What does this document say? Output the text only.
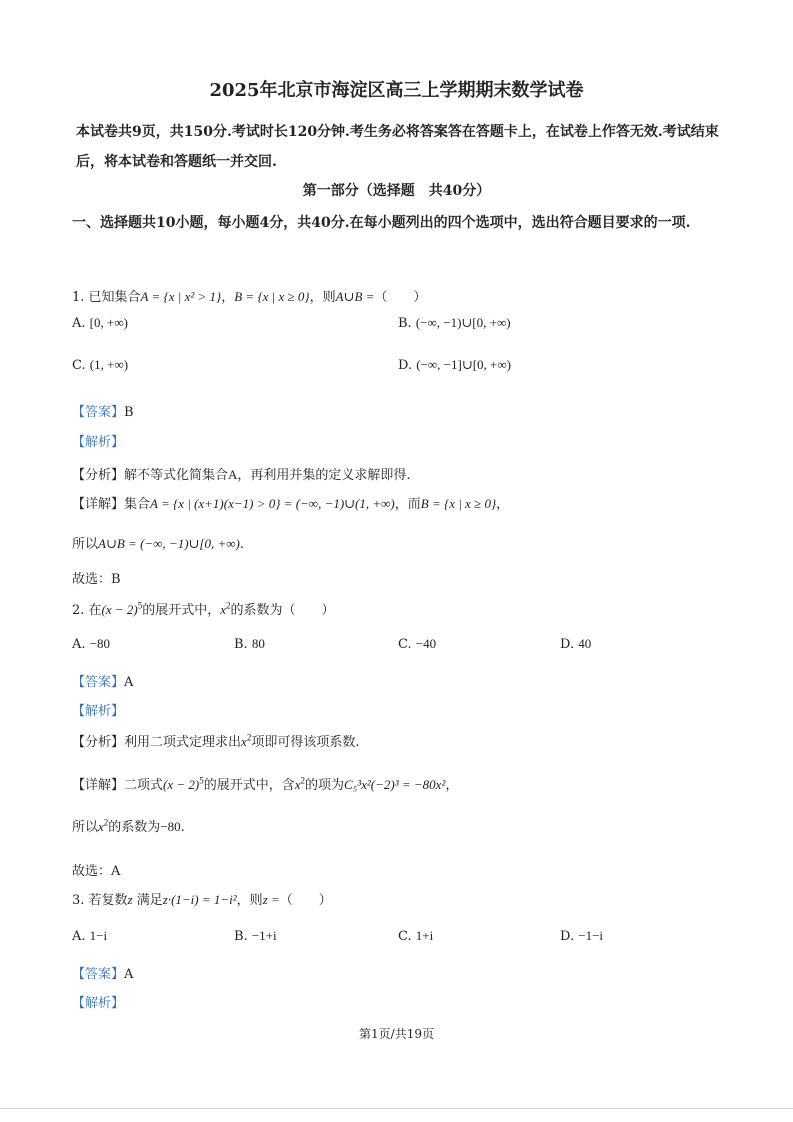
2025年北京市海淀区高三上学期期末数学试卷
本试卷共9页，共150分.考试时长120分钟.考生务必将答案答在答题卡上，在试卷上作答无效.考试结束后，将本试卷和答题纸一并交回.
第一部分（选择题　共40分）
一、选择题共10小题，每小题4分，共40分.在每小题列出的四个选项中，选出符合题目要求的一项.
1. 已知集合A = {x | x² > 1}，B = {x | x ≥ 0}，则A∪B =（　　）
A. [0, +∞)	B. (−∞, −1)∪[0, +∞)
C. (1, +∞)	D. (−∞, −1]∪[0, +∞)
【答案】B
【解析】
【分析】解不等式化简集合A，再利用并集的定义求解即得.
【详解】集合A = {x | (x+1)(x−1) > 0} = (−∞, −1)∪(1, +∞)，而B = {x | x ≥ 0}，
所以A∪B = (−∞, −1)∪[0, +∞).
故选：B
2. 在$(x - 2)^5$的展开式中，$x^2$的系数为（　　）
A. −80	B. 80	C. −40	D. 40
【答案】A
【解析】
【分析】利用二项式定理求出$x^2$项即可得该项系数.
【详解】二项式$(x - 2)^5$的展开式中，含$x^2$的项为C₅³x²(−2)³ = −80x²，
所以$x^2$的系数为−80.
故选：A
3. 若复数z 满足z·(1−i) = 1−i²，则z =（　　）
A. 1−i	B. −1+i	C. 1+i	D. −1−i
【答案】A
【解析】
第1页/共19页
